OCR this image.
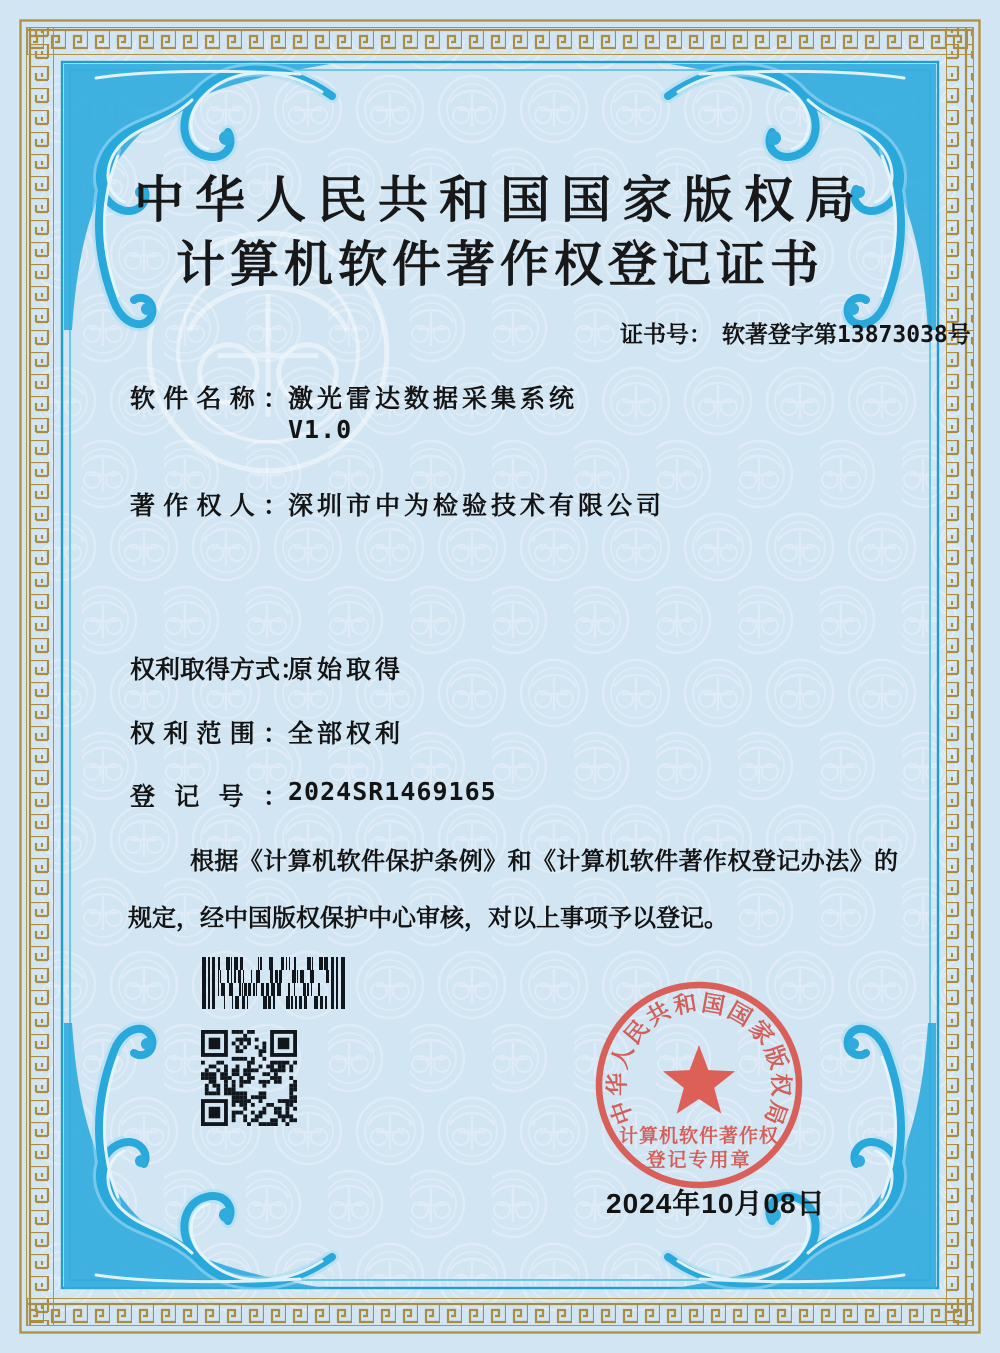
中华人民共和国国家版权局
计算机软件著作权登记证书
证书号： 软著登字第13873038号
软件名称：激光雷达数据采集系统
V1.0
著作权人：深圳市中为检验技术有限公司
权利取得方式：原始取得
权利范围：全部权利
登记号：2024SR1469165

根据《计算机软件保护条例》和《计算机软件著作权登记办法》的规定，经中国版权保护中心审核，对以上事项予以登记。

中华人民共和国国家版权局
计算机软件著作权
登记专用章
2024年10月08日
